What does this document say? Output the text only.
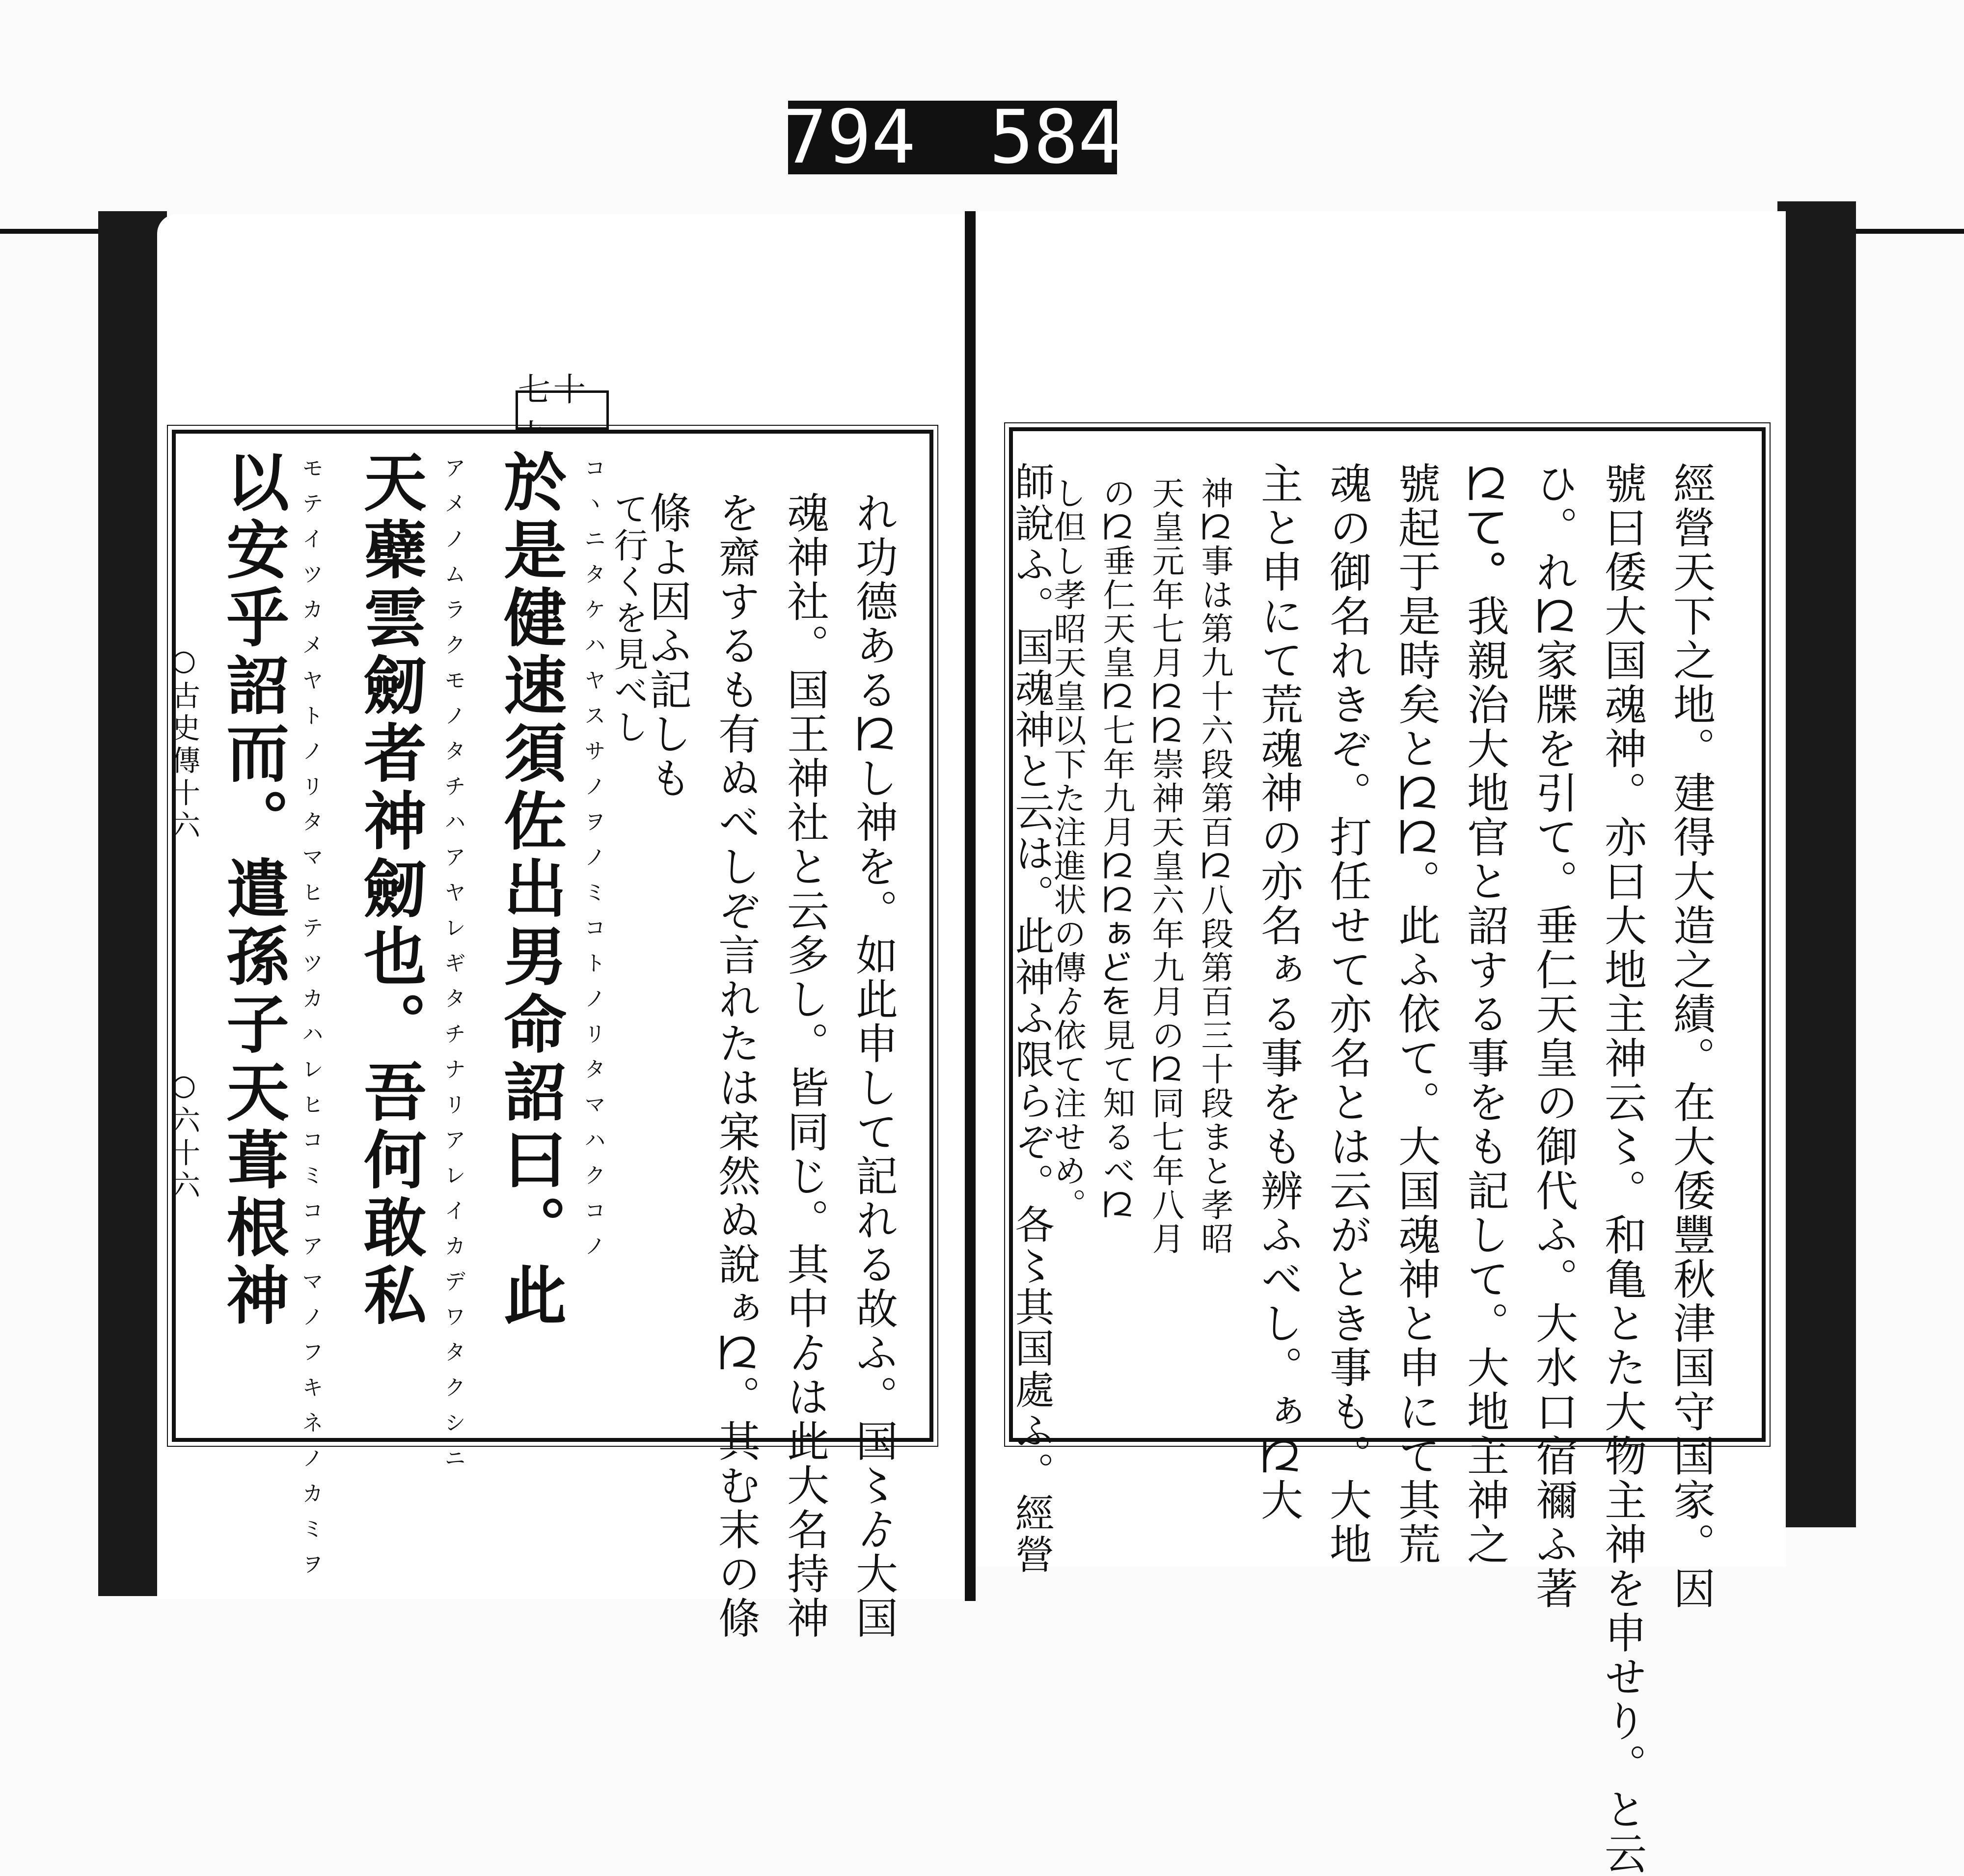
794 584
七十
○古史傳十六
○六十六	於是健速須佐出男命詔曰。此 コヽニタケハヤスサノヲノミコトノリタマハクコノ
天蘗雲劒者神劒也。吾何敢私 アメノムラクモノタチハアヤレギタチナリアレイカデワタクシニ
以安乎詔而。遣孫子天葺根神 モテイツカメヤトノリタマヒテツカハレヒコミコアマノフキネノカミヲ	れ功德ある𛀁し神を。如此申して記れる故ふ。国〻ゟ大国
魂神社。国王神社と云多し。皆同じ。其中ゟは此大名持神
を齋するも有ぬべしぞ言れたは宲然ぬ說ぁ𛀁。其む末の條
條よ因ふ記しも
て行くを見べし	經營天下之地。建得大造之績。在大倭豐秋津国守国家。因
號曰倭大国魂神。亦曰大地主神云〻。和亀とた大物主神を申せり。と云
ひ。れ𛀁家牒を引て。垂仁天皇の御代ふ。大水口宿禰ふ著
𛀁て。我親治大地官と詔する事をも記して。大地主神之
號起于是時矣と𛀁𛀁。此ふ依て。大国魂神と申にて其荒
魂の御名れきぞ。打任せて亦名とは云がとき事も。大地
主と申にて荒魂神の亦名ぁる事をも辨ふべし。ぁ𛀁大
神𛀁事は第九十六段第百𛀁八段第百三十段まと孝昭
天皇元年七月𛀁𛀁崇神天皇六年九月の𛀁同七年八月
の𛀁垂仁天皇𛀁七年九月𛀁𛀁ぁどを見て知るべ𛀁
し但し孝昭天皇以下た注進状の傳ゟ依て注せめ。
師說ふ。国魂神と云は。此神ふ限らぞ。各〻其国處ふ。經營
